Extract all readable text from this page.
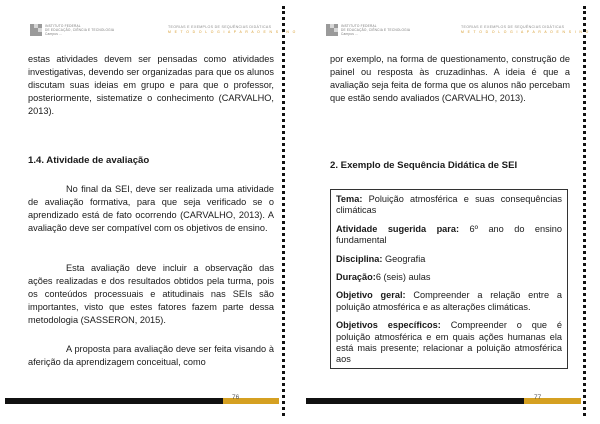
INSTITUTO FEDERAL
DE EDUCAÇÃO, CIÊNCIA E TECNOLOGIA
Campus ...
TEORIAS E EXEMPLOS DE SEQUÊNCIAS DIDÁTICAS
M E T O D O L O G I A P A R A O E N S I N O

estas atividades devem ser pensadas como atividades investigativas, devendo ser organizadas para que os alunos discutam suas ideias em grupo e para que o professor, posteriormente, sistematize o conhecimento (CARVALHO, 2013).

1.4. Atividade de avaliação

No final da SEI, deve ser realizada uma atividade de avaliação formativa, para que seja verificado se o aprendizado está de fato ocorrendo (CARVALHO, 2013). A avaliação deve ser compatível com os objetivos de ensino.

Esta avaliação deve incluir a observação das ações realizadas e dos resultados obtidos pela turma, pois os conteúdos processuais e atitudinais nas SEIs são importantes, visto que estes fatores fazem parte dessa metodologia (SASSERON, 2015).

A proposta para avaliação deve ser feita visando à aferição da aprendizagem conceitual, como

76
INSTITUTO FEDERAL
DE EDUCAÇÃO, CIÊNCIA E TECNOLOGIA
Campus ...
TEORIAS E EXEMPLOS DE SEQUÊNCIAS DIDÁTICAS
M E T O D O L O G I A P A R A O E N S I N O

por exemplo, na forma de questionamento, construção de painel ou resposta às cruzadinhas. A ideia é que a avaliação seja feita de forma que os alunos não percebam que estão sendo avaliados (CARVALHO, 2013).

2. Exemplo de Sequência Didática de SEI
Tema: Poluição atmosférica e suas consequências climáticas
Atividade sugerida para: 6º ano do ensino fundamental
Disciplina: Geografia
Duração:6 (seis) aulas
Objetivo geral: Compreender a relação entre a poluição atmosférica e as alterações climáticas.
Objetivos específicos: Compreender o que é poluição atmosférica e em quais ações humanas ela está mais presente; relacionar a poluição atmosférica aos
77
